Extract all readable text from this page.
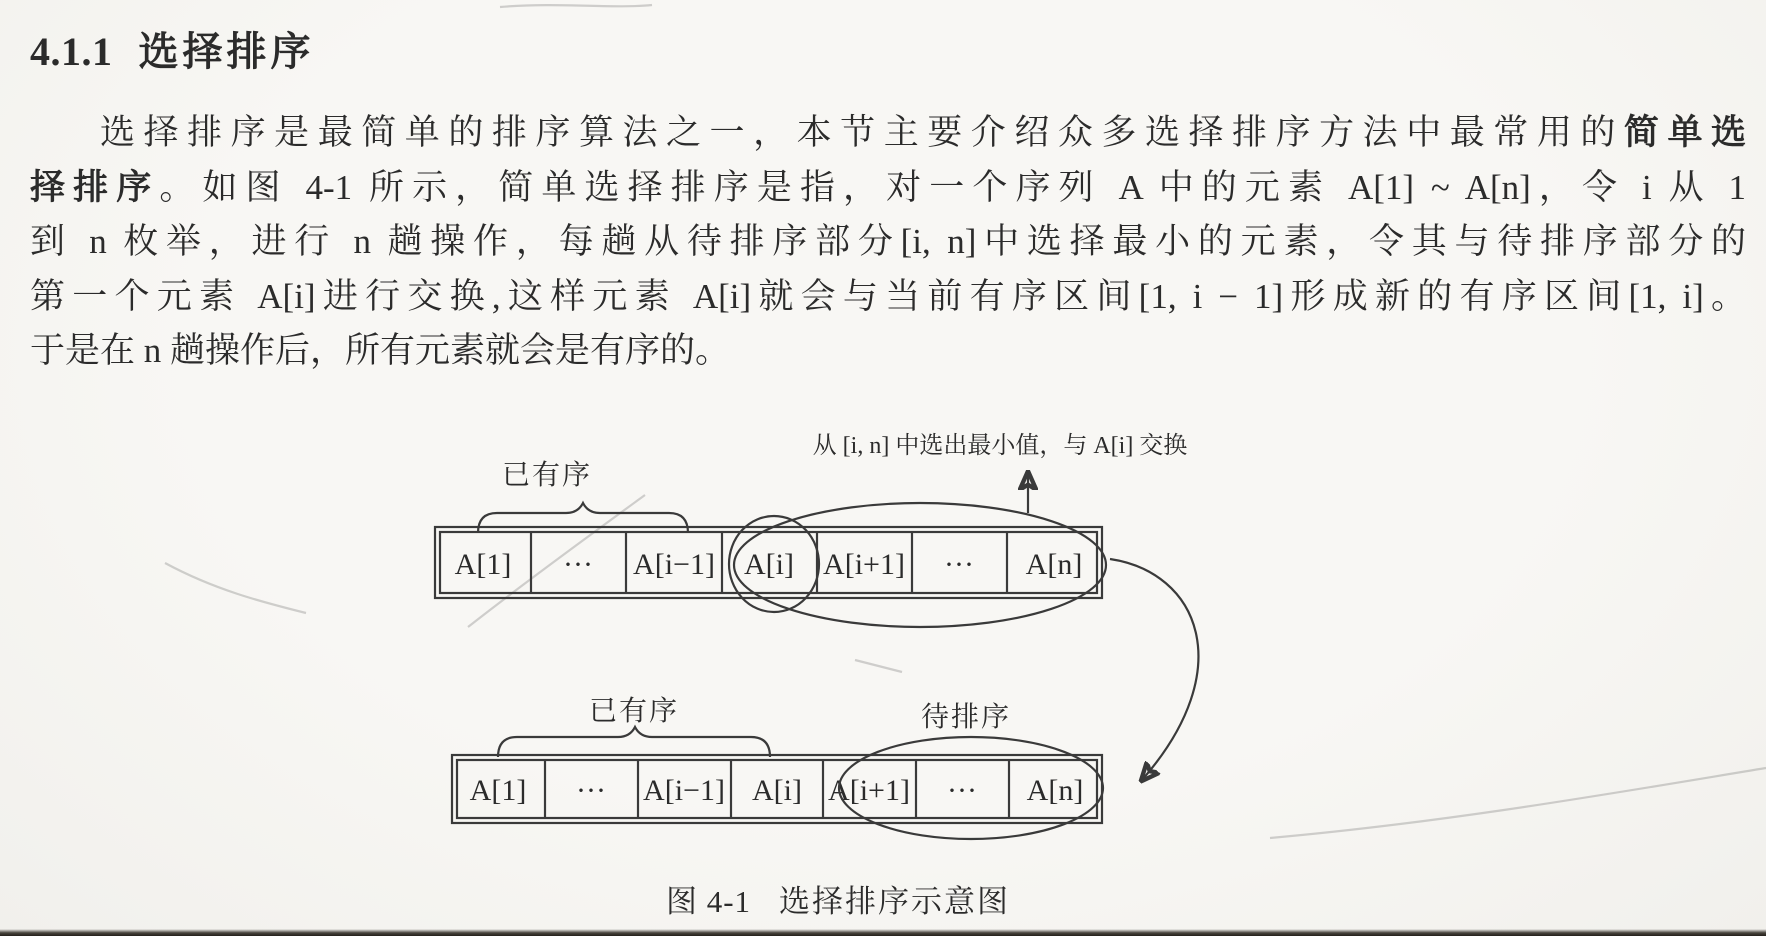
4.1.1 选择排序
选择排序是最简单的排序算法之一，本节主要介绍众多选择排序方法中最常用的简单选
择排序。如图 4-1 所示，简单选择排序是指，对一个序列 A 中的元素 A[1] ~ A[n]，令 i 从 1
到 n 枚举，进行 n 趟操作，每趟从待排序部分[i, n]中选择最小的元素，令其与待排序部分的
第一个元素 A[i]进行交换,这样元素 A[i]就会与当前有序区间[1, i − 1]形成新的有序区间[1, i]。
于是在 n 趟操作后，所有元素就会是有序的。
从 [i, n] 中选出最小值，与 A[i] 交换
已有序
A[1] ··· A[i−1] A[i] A[i+1] ··· A[n]
已有序	待排序
A[1] ··· A[i−1] A[i] A[i+1] ··· A[n]
图 4-1 选择排序示意图
